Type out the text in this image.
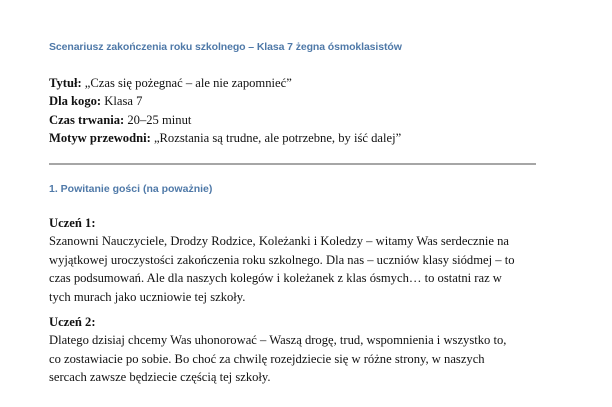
Scenariusz zakończenia roku szkolnego – Klasa 7 żegna ósmoklasistów
Tytuł: „Czas się pożegnać – ale nie zapomnieć”
Dla kogo: Klasa 7
Czas trwania: 20–25 minut
Motyw przewodni: „Rozstania są trudne, ale potrzebne, by iść dalej”
1. Powitanie gości (na poważnie)
Uczeń 1:
Szanowni Nauczyciele, Drodzy Rodzice, Koleżanki i Koledzy – witamy Was serdecznie na
wyjątkowej uroczystości zakończenia roku szkolnego. Dla nas – uczniów klasy siódmej – to
czas podsumowań. Ale dla naszych kolegów i koleżanek z klas ósmych… to ostatni raz w
tych murach jako uczniowie tej szkoły.
Uczeń 2:
Dlatego dzisiaj chcemy Was uhonorować – Waszą drogę, trud, wspomnienia i wszystko to,
co zostawiacie po sobie. Bo choć za chwilę rozejdziecie się w różne strony, w naszych
sercach zawsze będziecie częścią tej szkoły.
